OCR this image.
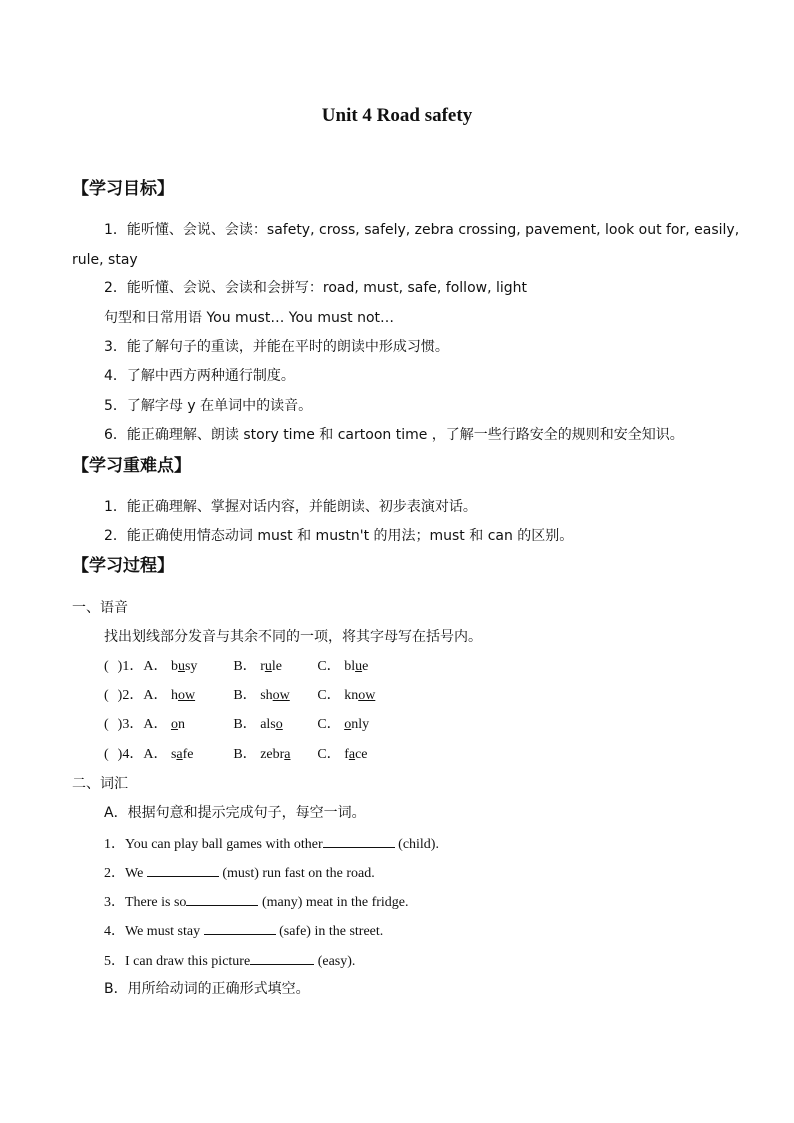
Unit 4 Road safety
【学习目标】
1．能听懂、会说、会读：safety, cross, safely, zebra crossing, pavement, look out for, easily,
rule, stay
2．能听懂、会说、会读和会拼写：road, must, safe, follow, light
句型和日常用语 You must… You must not…
3．能了解句子的重读，并能在平时的朗读中形成习惯。
4．了解中西方两种通行制度。
5．了解字母 y 在单词中的读音。
6．能正确理解、朗读 story time 和 cartoon time ，了解一些行路安全的规则和安全知识。
【学习重难点】
1．能正确理解、掌握对话内容，并能朗读、初步表演对话。
2．能正确使用情态动词 must 和 mustn't 的用法；must 和 can 的区别。
【学习过程】
一、语音
找出划线部分发音与其余不同的一项，将其字母写在括号内。
( )1．A． busy	B． rule	C． blue
( )2．A． how	B． show C． know
( )3．A． on	B． also C． only
( )4．A． safe	B． zebra C． face
二、词汇
A．根据句意和提示完成句子，每空一词。
1．You can play ball games with other	(child).
2．We	(must) run fast on the road.
3．There is so	(many) meat in the fridge.
4．We must stay	(safe) in the street.
5．I can draw this picture	(easy).
B．用所给动词的正确形式填空。
